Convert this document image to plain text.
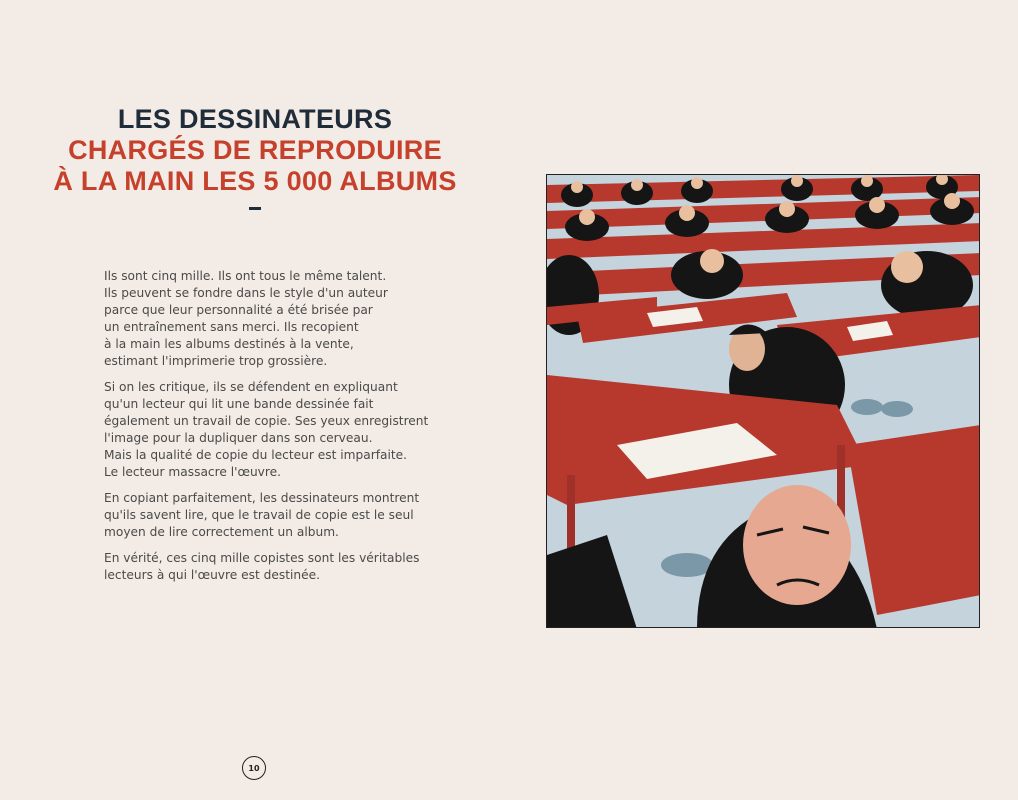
LES DESSINATEURS
CHARGÉS DE REPRODUIRE
À LA MAIN LES 5 000 ALBUMS

Ils sont cinq mille. Ils ont tous le même talent.
Ils peuvent se fondre dans le style d'un auteur
parce que leur personnalité a été brisée par
un entraînement sans merci. Ils recopient
à la main les albums destinés à la vente,
estimant l'imprimerie trop grossière.

Si on les critique, ils se défendent en expliquant
qu'un lecteur qui lit une bande dessinée fait
également un travail de copie. Ses yeux enregistrent
l'image pour la dupliquer dans son cerveau.
Mais la qualité de copie du lecteur est imparfaite.
Le lecteur massacre l'œuvre.

En copiant parfaitement, les dessinateurs montrent
qu'ils savent lire, que le travail de copie est le seul
moyen de lire correctement un album.

En vérité, ces cinq mille copistes sont les véritables
lecteurs à qui l'œuvre est destinée.

10
